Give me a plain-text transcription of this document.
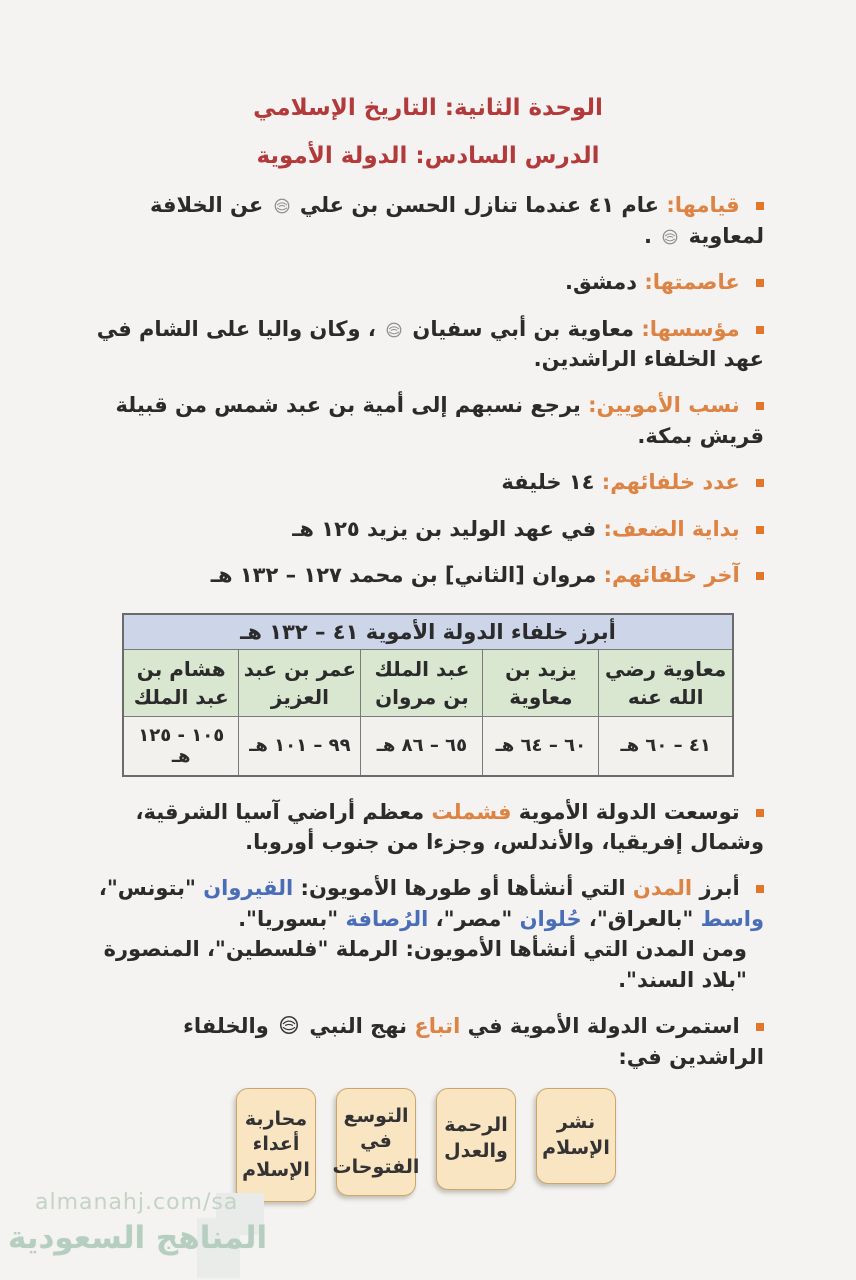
الوحدة الثانية: التاريخ الإسلامي
الدرس السادس: الدولة الأموية
قيامها: عام ٤١ عندما تنازل الحسن بن علي  عن الخلافة لمعاوية  .
عاصمتها: دمشق.
مؤسسها: معاوية بن أبي سفيان  ، وكان واليا على الشام في عهد الخلفاء الراشدين.
نسب الأمويين: يرجع نسبهم إلى أمية بن عبد شمس من قبيلة قريش بمكة.
عدد خلفائهم: ١٤ خليفة
بداية الضعف: في عهد الوليد بن يزيد ١٢٥ هـ
آخر خلفائهم: مروان [الثاني] بن محمد ١٢٧ – ١٣٢ هـ
أبرز خلفاء الدولة الأموية ٤١ – ١٣٢ هـ				
معاوية رضي الله عنه	يزيد بن معاوية	عبد الملك بن مروان	عمر بن عبد العزيز	هشام بن عبد الملك
٤١ – ٦٠ هـ	٦٠ – ٦٤ هـ	٦٥ – ٨٦ هـ	٩٩ – ١٠١ هـ	١٠٥ - ١٢٥ هـ
توسعت الدولة الأموية فشملت معظم أراضي آسيا الشرقية، وشمال إفريقيا، والأندلس، وجزءا من جنوب أوروبا.
أبرز المدن التي أنشأها أو طورها الأمويون: القيروان "بتونس"، واسط "بالعراق"، حُلوان "مصر"، الرُصافة "بسوريا".
ومن المدن التي أنشأها الأمويون: الرملة "فلسطين"، المنصورة "بلاد السند".
استمرت الدولة الأموية في اتباع نهج النبي  والخلفاء الراشدين في:
نشر الإسلام
الرحمة والعدل
التوسع في الفتوحات
محاربة أعداء الإسلام
almanahj.com/sa
المناهج السعودية
